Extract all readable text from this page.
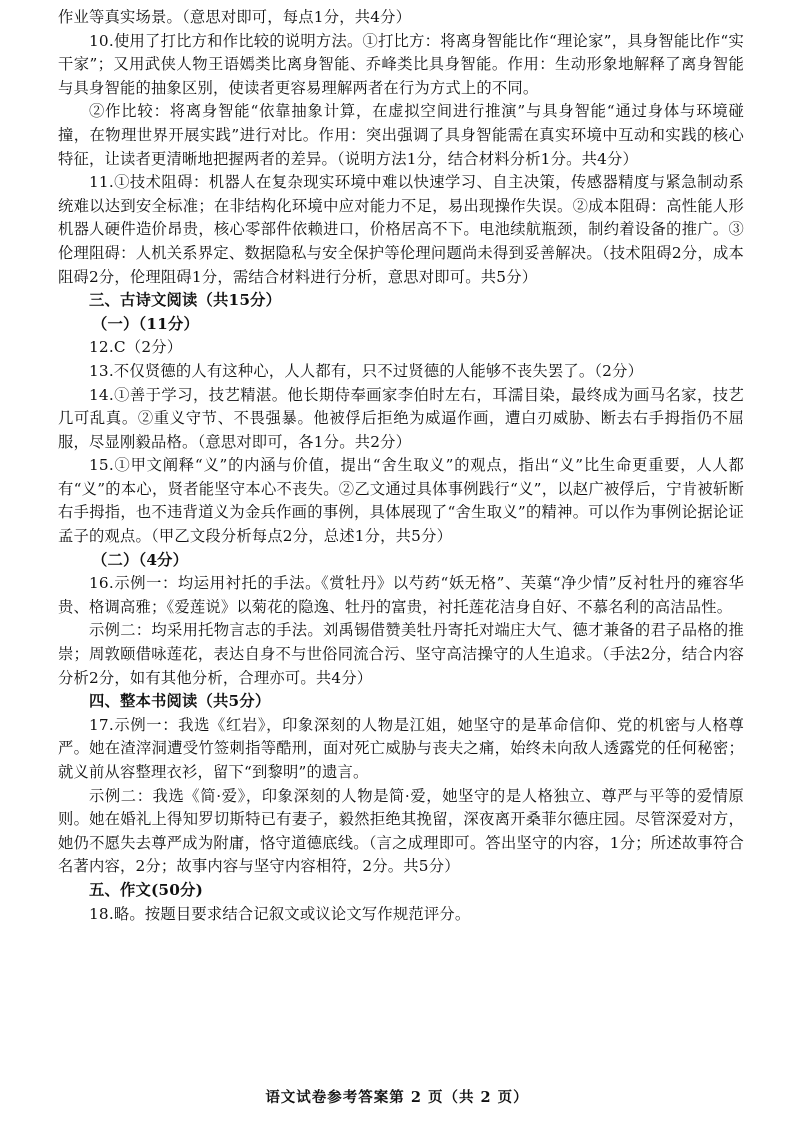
作业等真实场景。（意思对即可，每点1分，共4分）

10.使用了打比方和作比较的说明方法。①打比方：将离身智能比作“理论家”，具身智能比作“实干家”；又用武侠人物王语嫣类比离身智能、乔峰类比具身智能。作用：生动形象地解释了离身智能与具身智能的抽象区别，使读者更容易理解两者在行为方式上的不同。

②作比较：将离身智能“依靠抽象计算，在虚拟空间进行推演”与具身智能“通过身体与环境碰撞，在物理世界开展实践”进行对比。作用：突出强调了具身智能需在真实环境中互动和实践的核心特征，让读者更清晰地把握两者的差异。（说明方法1分，结合材料分析1分。共4分）

11.①技术阻碍：机器人在复杂现实环境中难以快速学习、自主决策，传感器精度与紧急制动系统难以达到安全标准；在非结构化环境中应对能力不足，易出现操作失误。②成本阻碍：高性能人形机器人硬件造价昂贵，核心零部件依赖进口，价格居高不下。电池续航瓶颈，制约着设备的推广。③伦理阻碍：人机关系界定、数据隐私与安全保护等伦理问题尚未得到妥善解决。（技术阻碍2分，成本阻碍2分，伦理阻碍1分，需结合材料进行分析，意思对即可。共5分）

三、古诗文阅读（共15分）

（一）（11分）

12.C（2分）

13.不仅贤德的人有这种心，人人都有，只不过贤德的人能够不丧失罢了。（2分）

14.①善于学习，技艺精湛。他长期侍奉画家李伯时左右，耳濡目染，最终成为画马名家，技艺几可乱真。②重义守节、不畏强暴。他被俘后拒绝为威逼作画，遭白刃威胁、断去右手拇指仍不屈服，尽显刚毅品格。（意思对即可，各1分。共2分）

15.①甲文阐释“义”的内涵与价值，提出“舍生取义”的观点，指出“义”比生命更重要，人人都有“义”的本心，贤者能坚守本心不丧失。②乙文通过具体事例践行“义”，以赵广被俘后，宁肯被斩断右手拇指，也不违背道义为金兵作画的事例，具体展现了“舍生取义”的精神。可以作为事例论据论证孟子的观点。（甲乙文段分析每点2分，总述1分，共5分）

（二）（4分）

16.示例一：均运用衬托的手法。《赏牡丹》以芍药“妖无格”、芙蕖“净少情”反衬牡丹的雍容华贵、格调高雅；《爱莲说》以菊花的隐逸、牡丹的富贵，衬托莲花洁身自好、不慕名利的高洁品性。

示例二：均采用托物言志的手法。刘禹锡借赞美牡丹寄托对端庄大气、德才兼备的君子品格的推崇；周敦颐借咏莲花，表达自身不与世俗同流合污、坚守高洁操守的人生追求。（手法2分，结合内容分析2分，如有其他分析，合理亦可。共4分）

四、整本书阅读（共5分）

17.示例一：我选《红岩》，印象深刻的人物是江姐，她坚守的是革命信仰、党的机密与人格尊严。她在渣滓洞遭受竹签刺指等酷刑，面对死亡威胁与丧夫之痛，始终未向敌人透露党的任何秘密；就义前从容整理衣衫，留下“到黎明”的遗言。

示例二：我选《简·爱》，印象深刻的人物是简·爱，她坚守的是人格独立、尊严与平等的爱情原则。她在婚礼上得知罗切斯特已有妻子，毅然拒绝其挽留，深夜离开桑菲尔德庄园。尽管深爱对方，她仍不愿失去尊严成为附庸，恪守道德底线。（言之成理即可。答出坚守的内容，1分；所述故事符合名著内容，2分；故事内容与坚守内容相符，2分。共5分）

五、作文(50分)

18.略。按题目要求结合记叙文或议论文写作规范评分。

语文试卷参考答案第 2 页（共 2 页）
